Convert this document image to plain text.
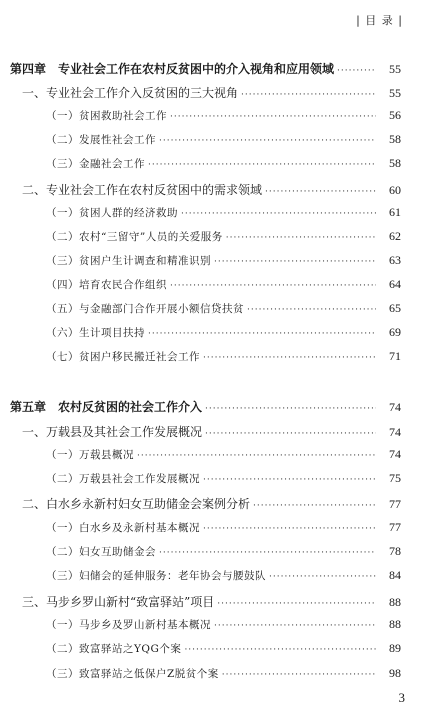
| 目 录 |
第四章　专业社会工作在农村反贫困中的介入视角和应用领域 ·····	55
一、专业社会工作介入反贫困的三大视角 ·····	55
（一）贫困救助社会工作 ·····	56
（二）发展性社会工作 ·····	58
（三）金融社会工作 ·····	58
二、专业社会工作在农村反贫困中的需求领域 ·····	60
（一）贫困人群的经济救助 ·····	61
（二）农村“三留守”人员的关爱服务 ·····	62
（三）贫困户生计调查和精准识别 ·····	63
（四）培育农民合作组织 ·····	64
（五）与金融部门合作开展小额信贷扶贫 ·····	65
（六）生计项目扶持 ·····	69
（七）贫困户移民搬迁社会工作 ·····	71
第五章　农村反贫困的社会工作介入 ·····	74
一、万载县及其社会工作发展概况 ·····	74
（一）万载县概况 ·····	74
（二）万载县社会工作发展概况 ·····	75
二、白水乡永新村妇女互助储金会案例分析 ·····	77
（一）白水乡及永新村基本概况 ·····	77
（二）妇女互助储金会 ·····	78
（三）妇储会的延伸服务：老年协会与腰鼓队 ·····	84
三、马步乡罗山新村“致富驿站”项目 ·····	88
（一）马步乡及罗山新村基本概况 ·····	88
（二）致富驿站之YQG个案 ·····	89
（三）致富驿站之低保户Z脱贫个案 ·····	98
3
